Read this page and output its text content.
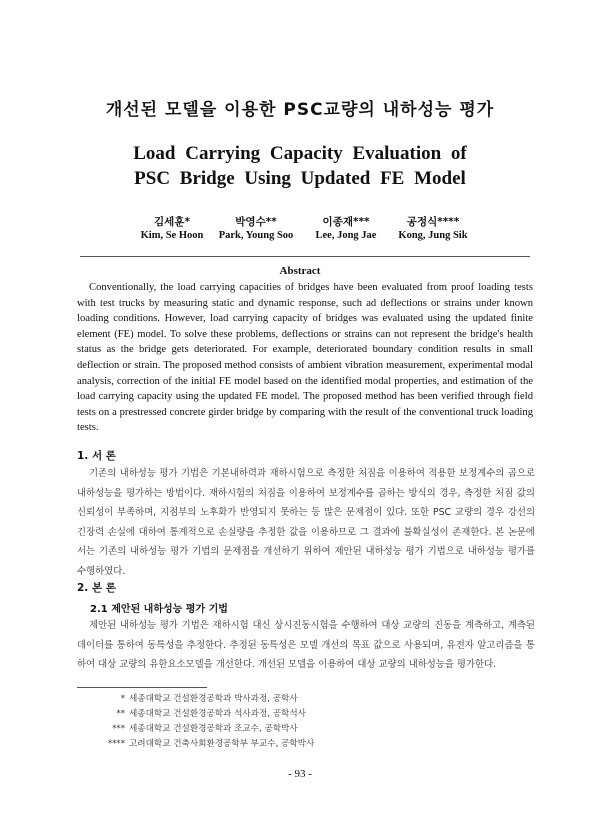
개선된 모델을 이용한 PSC교량의 내하성능 평가
Load Carrying Capacity Evaluation of
PSC Bridge Using Updated FE Model
김세훈*
Kim, Se Hoon
박영수**
Park, Young Soo
이종재***
Lee, Jong Jae
공정식****
Kong, Jung Sik
Abstract

Conventionally, the load carrying capacities of bridges have been evaluated from proof loading tests with test trucks by measuring static and dynamic response, such ad deflections or strains under known loading conditions. However, load carrying capacity of bridges was evaluated using the updated finite element (FE) model. To solve these problems, deflections or strains can not represent the bridge's health status as the bridge gets deteriorated. For example, deteriorated boundary condition results in small deflection or strain. The proposed method consists of ambient vibration measurement, experimental modal analysis, correction of the initial FE model based on the identified modal properties, and estimation of the load carrying capacity using the updated FE model. The proposed method has been verified through field tests on a prestressed concrete girder bridge by comparing with the result of the conventional truck loading tests.

1. 서 론

기존의 내하성능 평가 기법은 기본내하력과 재하시험으로 측정한 처짐을 이용하여 적용한 보정계수의 곱으로 내하성능을 평가하는 방법이다. 재하시험의 처짐을 이용하여 보정계수를 곱하는 방식의 경우, 측정한 처짐 값의 신뢰성이 부족하며, 지점부의 노후화가 반영되지 못하는 등 많은 문제점이 있다. 또한 PSC 교량의 경우 강선의 긴장력 손실에 대하여 통계적으로 손실량을 추정한 값을 이용하므로 그 결과에 불확실성이 존재한다. 본 논문에서는 기존의 내하성능 평가 기법의 문제점을 개선하기 위하여 제안된 내하성능 평가 기법으로 내하성능 평가를 수행하였다.

2. 본 론
2.1 제안된 내하성능 평가 기법

제안된 내하성능 평가 기법은 재하시험 대신 상시진동시험을 수행하여 대상 교량의 진동을 계측하고, 계측된 데이터를 통하여 동특성을 추정한다. 추정된 동특성은 모델 개선의 목표 값으로 사용되며, 유전자 알고리즘을 통하여 대상 교량의 유한요소모델을 개선한다. 개선된 모델을 이용하여 대상 교량의 내하성능을 평가한다.

* 세종대학교 건설환경공학과 박사과정, 공학사
** 세종대학교 건설환경공학과 석사과정, 공학석사
*** 세종대학교 건설환경공학과 조교수, 공학박사
**** 고려대학교 건축사회환경공학부 부교수, 공학박사
- 93 -
